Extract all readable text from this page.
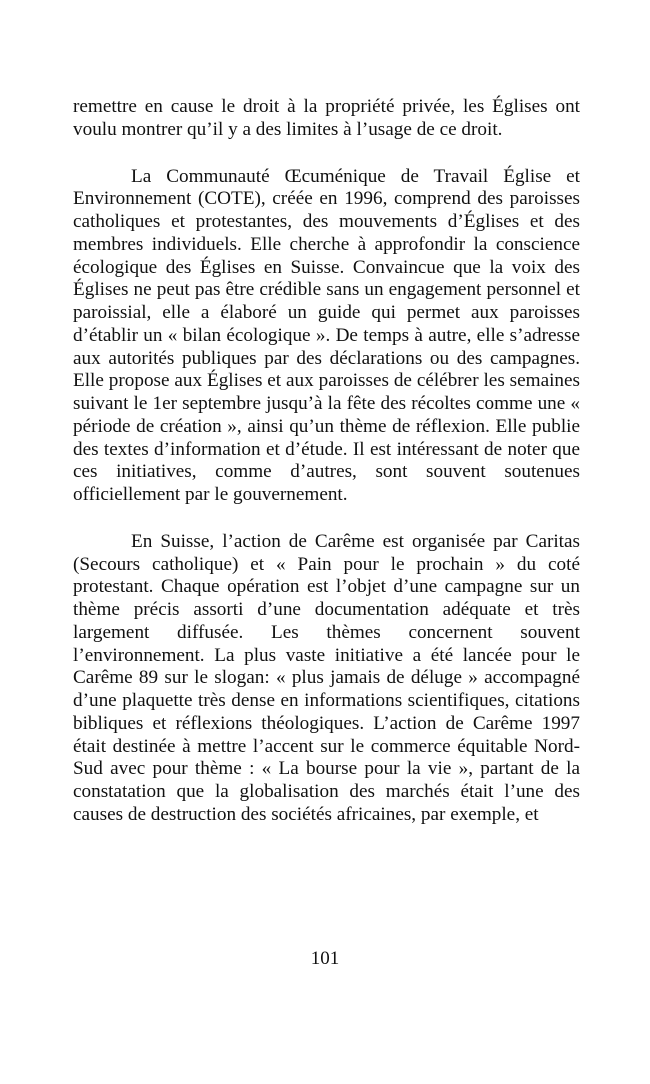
remettre en cause le droit à la propriété privée, les Églises ont voulu montrer qu’il y a des limites à l’usage de ce droit.

La Communauté Œcuménique de Travail Église et Environnement (COTE), créée en 1996, comprend des paroisses catholiques et protestantes, des mouvements d’Églises et des membres individuels. Elle cherche à approfondir la conscience écologique des Églises en Suisse. Convaincue que la voix des Églises ne peut pas être crédible sans un engagement personnel et paroissial, elle a élaboré un guide qui permet aux paroisses d’établir un « bilan écologique ». De temps à autre, elle s’adresse aux autorités publiques par des déclarations ou des campagnes. Elle propose aux Églises et aux paroisses de célébrer les semaines suivant le 1er septembre jusqu’à la fête des récoltes comme une « période de création », ainsi qu’un thème de réflexion. Elle publie des textes d’information et d’étude. Il est intéressant de noter que ces initiatives, comme d’autres, sont souvent soutenues officiellement par le gouvernement.

En Suisse, l’action de Carême est organisée par Caritas (Secours catholique) et « Pain pour le prochain » du coté protestant. Chaque opération est l’objet d’une campagne sur un thème précis assorti d’une documentation adéquate et très largement diffusée. Les thèmes concernent souvent l’environnement. La plus vaste initiative a été lancée pour le Carême 89 sur le slogan: « plus jamais de déluge » accompagné d’une plaquette très dense en informations scientifiques, citations bibliques et réflexions théologiques. L’action de Carême 1997 était destinée à mettre l’accent sur le commerce équitable Nord-Sud avec pour thème : « La bourse pour la vie », partant de la constatation que la globalisation des marchés était l’une des causes de destruction des sociétés africaines, par exemple, et

101
